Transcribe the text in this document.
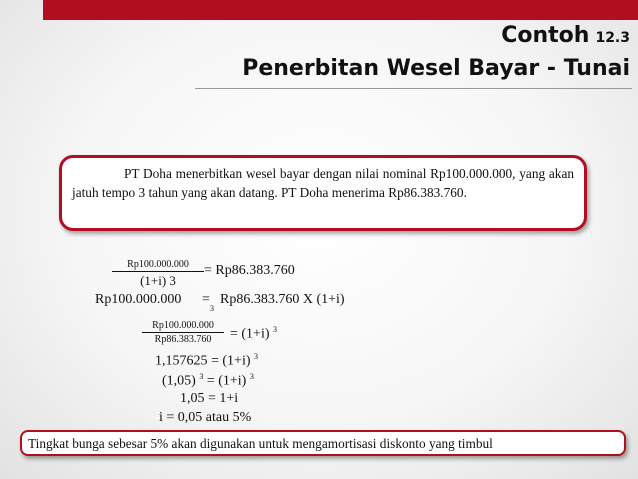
Contoh 12.3
Penerbitan Wesel Bayar - Tunai
PT Doha menerbitkan wesel bayar dengan nilai nominal Rp100.000.000, yang akan jatuh tempo 3 tahun yang akan datang. PT Doha menerima Rp86.383.760.
Rp100.000.000
(1+i) 3
= Rp86.383.760
Rp100.000.000 =
3
Rp86.383.760 X (1+i)
$\frac{Rp100.000.000}{Rp86.383.760} = (1+i)$ $^3$
1,157625 = (1+i) $^3$
(1,05) $^3$ = (1+i) $^3$
1,05 = 1+i
i = 0,05 atau 5%
Tingkat bunga sebesar 5% akan digunakan untuk mengamortisasi diskonto yang timbul
